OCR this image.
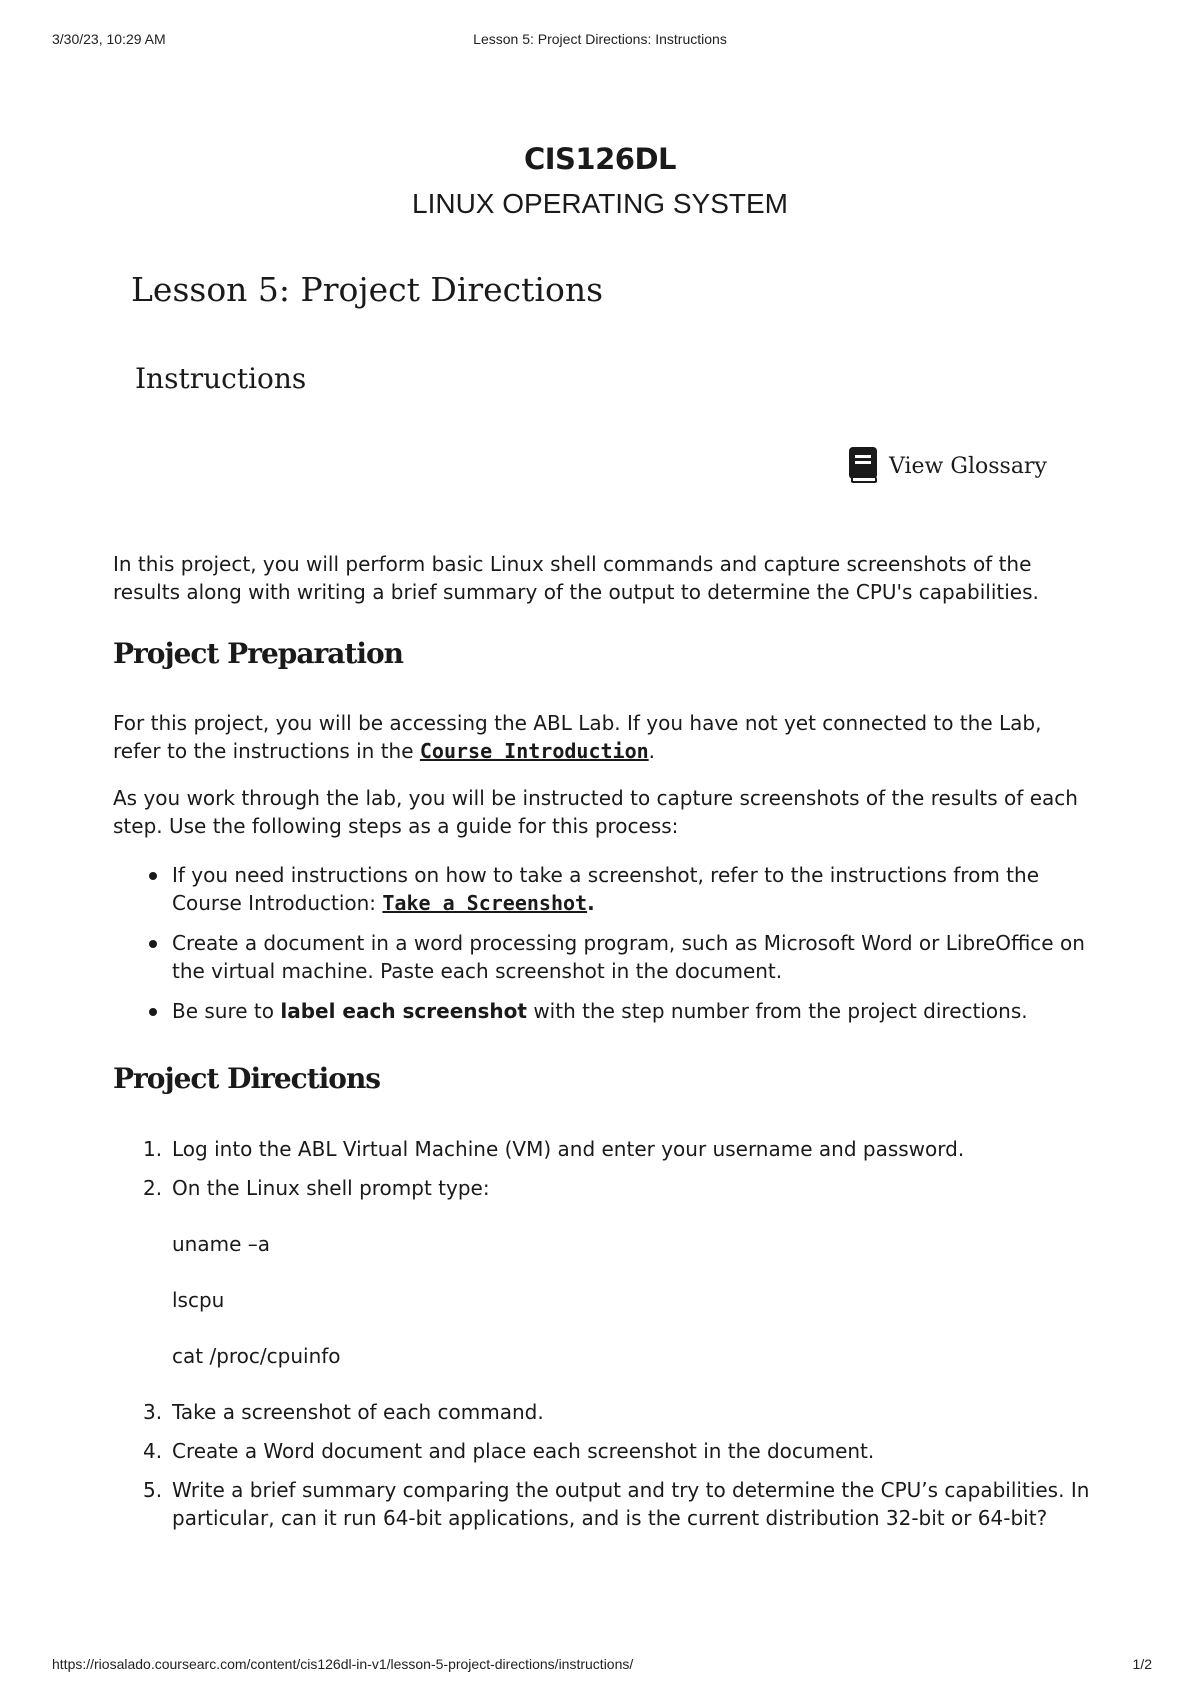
3/30/23, 10:29 AM	Lesson 5: Project Directions: Instructions
CIS126DL
LINUX OPERATING SYSTEM
Lesson 5: Project Directions
Instructions
View Glossary

In this project, you will perform basic Linux shell commands and capture screenshots of the results along with writing a brief summary of the output to determine the CPU's capabilities.

Project Preparation

For this project, you will be accessing the ABL Lab. If you have not yet connected to the Lab, refer to the instructions in the Course Introduction.

As you work through the lab, you will be instructed to capture screenshots of the results of each step. Use the following steps as a guide for this process:

If you need instructions on how to take a screenshot, refer to the instructions from the Course Introduction: Take a Screenshot.
Create a document in a word processing program, such as Microsoft Word or LibreOffice on the virtual machine. Paste each screenshot in the document.
Be sure to label each screenshot with the step number from the project directions.
Project Directions
1. Log into the ABL Virtual Machine (VM) and enter your username and password.
2. On the Linux shell prompt type:
uname –a
lscpu
cat /proc/cpuinfo
3. Take a screenshot of each command.
4. Create a Word document and place each screenshot in the document.
5. Write a brief summary comparing the output and try to determine the CPU’s capabilities. In particular, can it run 64-bit applications, and is the current distribution 32-bit or 64-bit?
https://riosalado.coursearc.com/content/cis126dl-in-v1/lesson-5-project-directions/instructions/	1/2
